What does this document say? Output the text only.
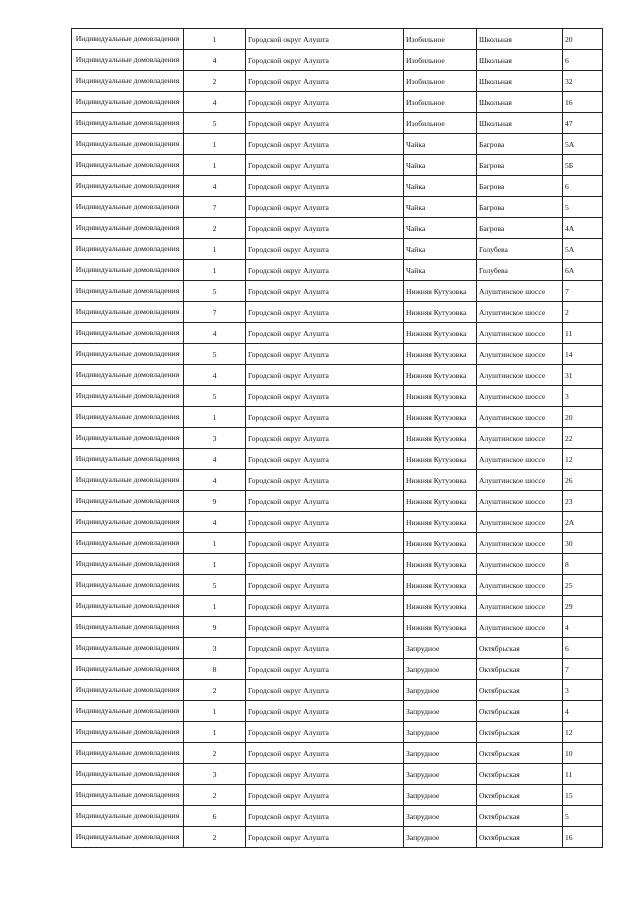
Индивидуальные домовладения	1	Городской округ Алушта	Изобильное	Школьная	20
Индивидуальные домовладения	4	Городской округ Алушта	Изобильное	Школьная	6
Индивидуальные домовладения	2	Городской округ Алушта	Изобильное	Школьная	32
Индивидуальные домовладения	4	Городской округ Алушта	Изобильное	Школьная	16
Индивидуальные домовладения	5	Городской округ Алушта	Изобильное	Школьная	47
Индивидуальные домовладения	1	Городской округ Алушта	Чайка	Багрова	5А
Индивидуальные домовладения	1	Городской округ Алушта	Чайка	Багрова	5Б
Индивидуальные домовладения	4	Городской округ Алушта	Чайка	Багрова	6
Индивидуальные домовладения	7	Городской округ Алушта	Чайка	Багрова	5
Индивидуальные домовладения	2	Городской округ Алушта	Чайка	Багрова	4А
Индивидуальные домовладения	1	Городской округ Алушта	Чайка	Голубева	5А
Индивидуальные домовладения	1	Городской округ Алушта	Чайка	Голубева	6А
Индивидуальные домовладения	5	Городской округ Алушта	Нижняя Кутузовка	Алуштинское шоссе	7
Индивидуальные домовладения	7	Городской округ Алушта	Нижняя Кутузовка	Алуштинское шоссе	2
Индивидуальные домовладения	4	Городской округ Алушта	Нижняя Кутузовка	Алуштинское шоссе	11
Индивидуальные домовладения	5	Городской округ Алушта	Нижняя Кутузовка	Алуштинское шоссе	14
Индивидуальные домовладения	4	Городской округ Алушта	Нижняя Кутузовка	Алуштинское шоссе	31
Индивидуальные домовладения	5	Городской округ Алушта	Нижняя Кутузовка	Алуштинское шоссе	3
Индивидуальные домовладения	1	Городской округ Алушта	Нижняя Кутузовка	Алуштинское шоссе	20
Индивидуальные домовладения	3	Городской округ Алушта	Нижняя Кутузовка	Алуштинское шоссе	22
Индивидуальные домовладения	4	Городской округ Алушта	Нижняя Кутузовка	Алуштинское шоссе	12
Индивидуальные домовладения	4	Городской округ Алушта	Нижняя Кутузовка	Алуштинское шоссе	26
Индивидуальные домовладения	9	Городской округ Алушта	Нижняя Кутузовка	Алуштинское шоссе	23
Индивидуальные домовладения	4	Городской округ Алушта	Нижняя Кутузовка	Алуштинское шоссе	2А
Индивидуальные домовладения	1	Городской округ Алушта	Нижняя Кутузовка	Алуштинское шоссе	30
Индивидуальные домовладения	1	Городской округ Алушта	Нижняя Кутузовка	Алуштинское шоссе	8
Индивидуальные домовладения	5	Городской округ Алушта	Нижняя Кутузовка	Алуштинское шоссе	25
Индивидуальные домовладения	1	Городской округ Алушта	Нижняя Кутузовка	Алуштинское шоссе	29
Индивидуальные домовладения	9	Городской округ Алушта	Нижняя Кутузовка	Алуштинское шоссе	4
Индивидуальные домовладения	3	Городской округ Алушта	Запрудное	Октябрьская	6
Индивидуальные домовладения	8	Городской округ Алушта	Запрудное	Октябрьская	7
Индивидуальные домовладения	2	Городской округ Алушта	Запрудное	Октябрьская	3
Индивидуальные домовладения	1	Городской округ Алушта	Запрудное	Октябрьская	4
Индивидуальные домовладения	1	Городской округ Алушта	Запрудное	Октябрьская	12
Индивидуальные домовладения	2	Городской округ Алушта	Запрудное	Октябрьская	10
Индивидуальные домовладения	3	Городской округ Алушта	Запрудное	Октябрьская	11
Индивидуальные домовладения	2	Городской округ Алушта	Запрудное	Октябрьская	15
Индивидуальные домовладения	6	Городской округ Алушта	Запрудное	Октябрьская	5
Индивидуальные домовладения	2	Городской округ Алушта	Запрудное	Октябрьская	16
